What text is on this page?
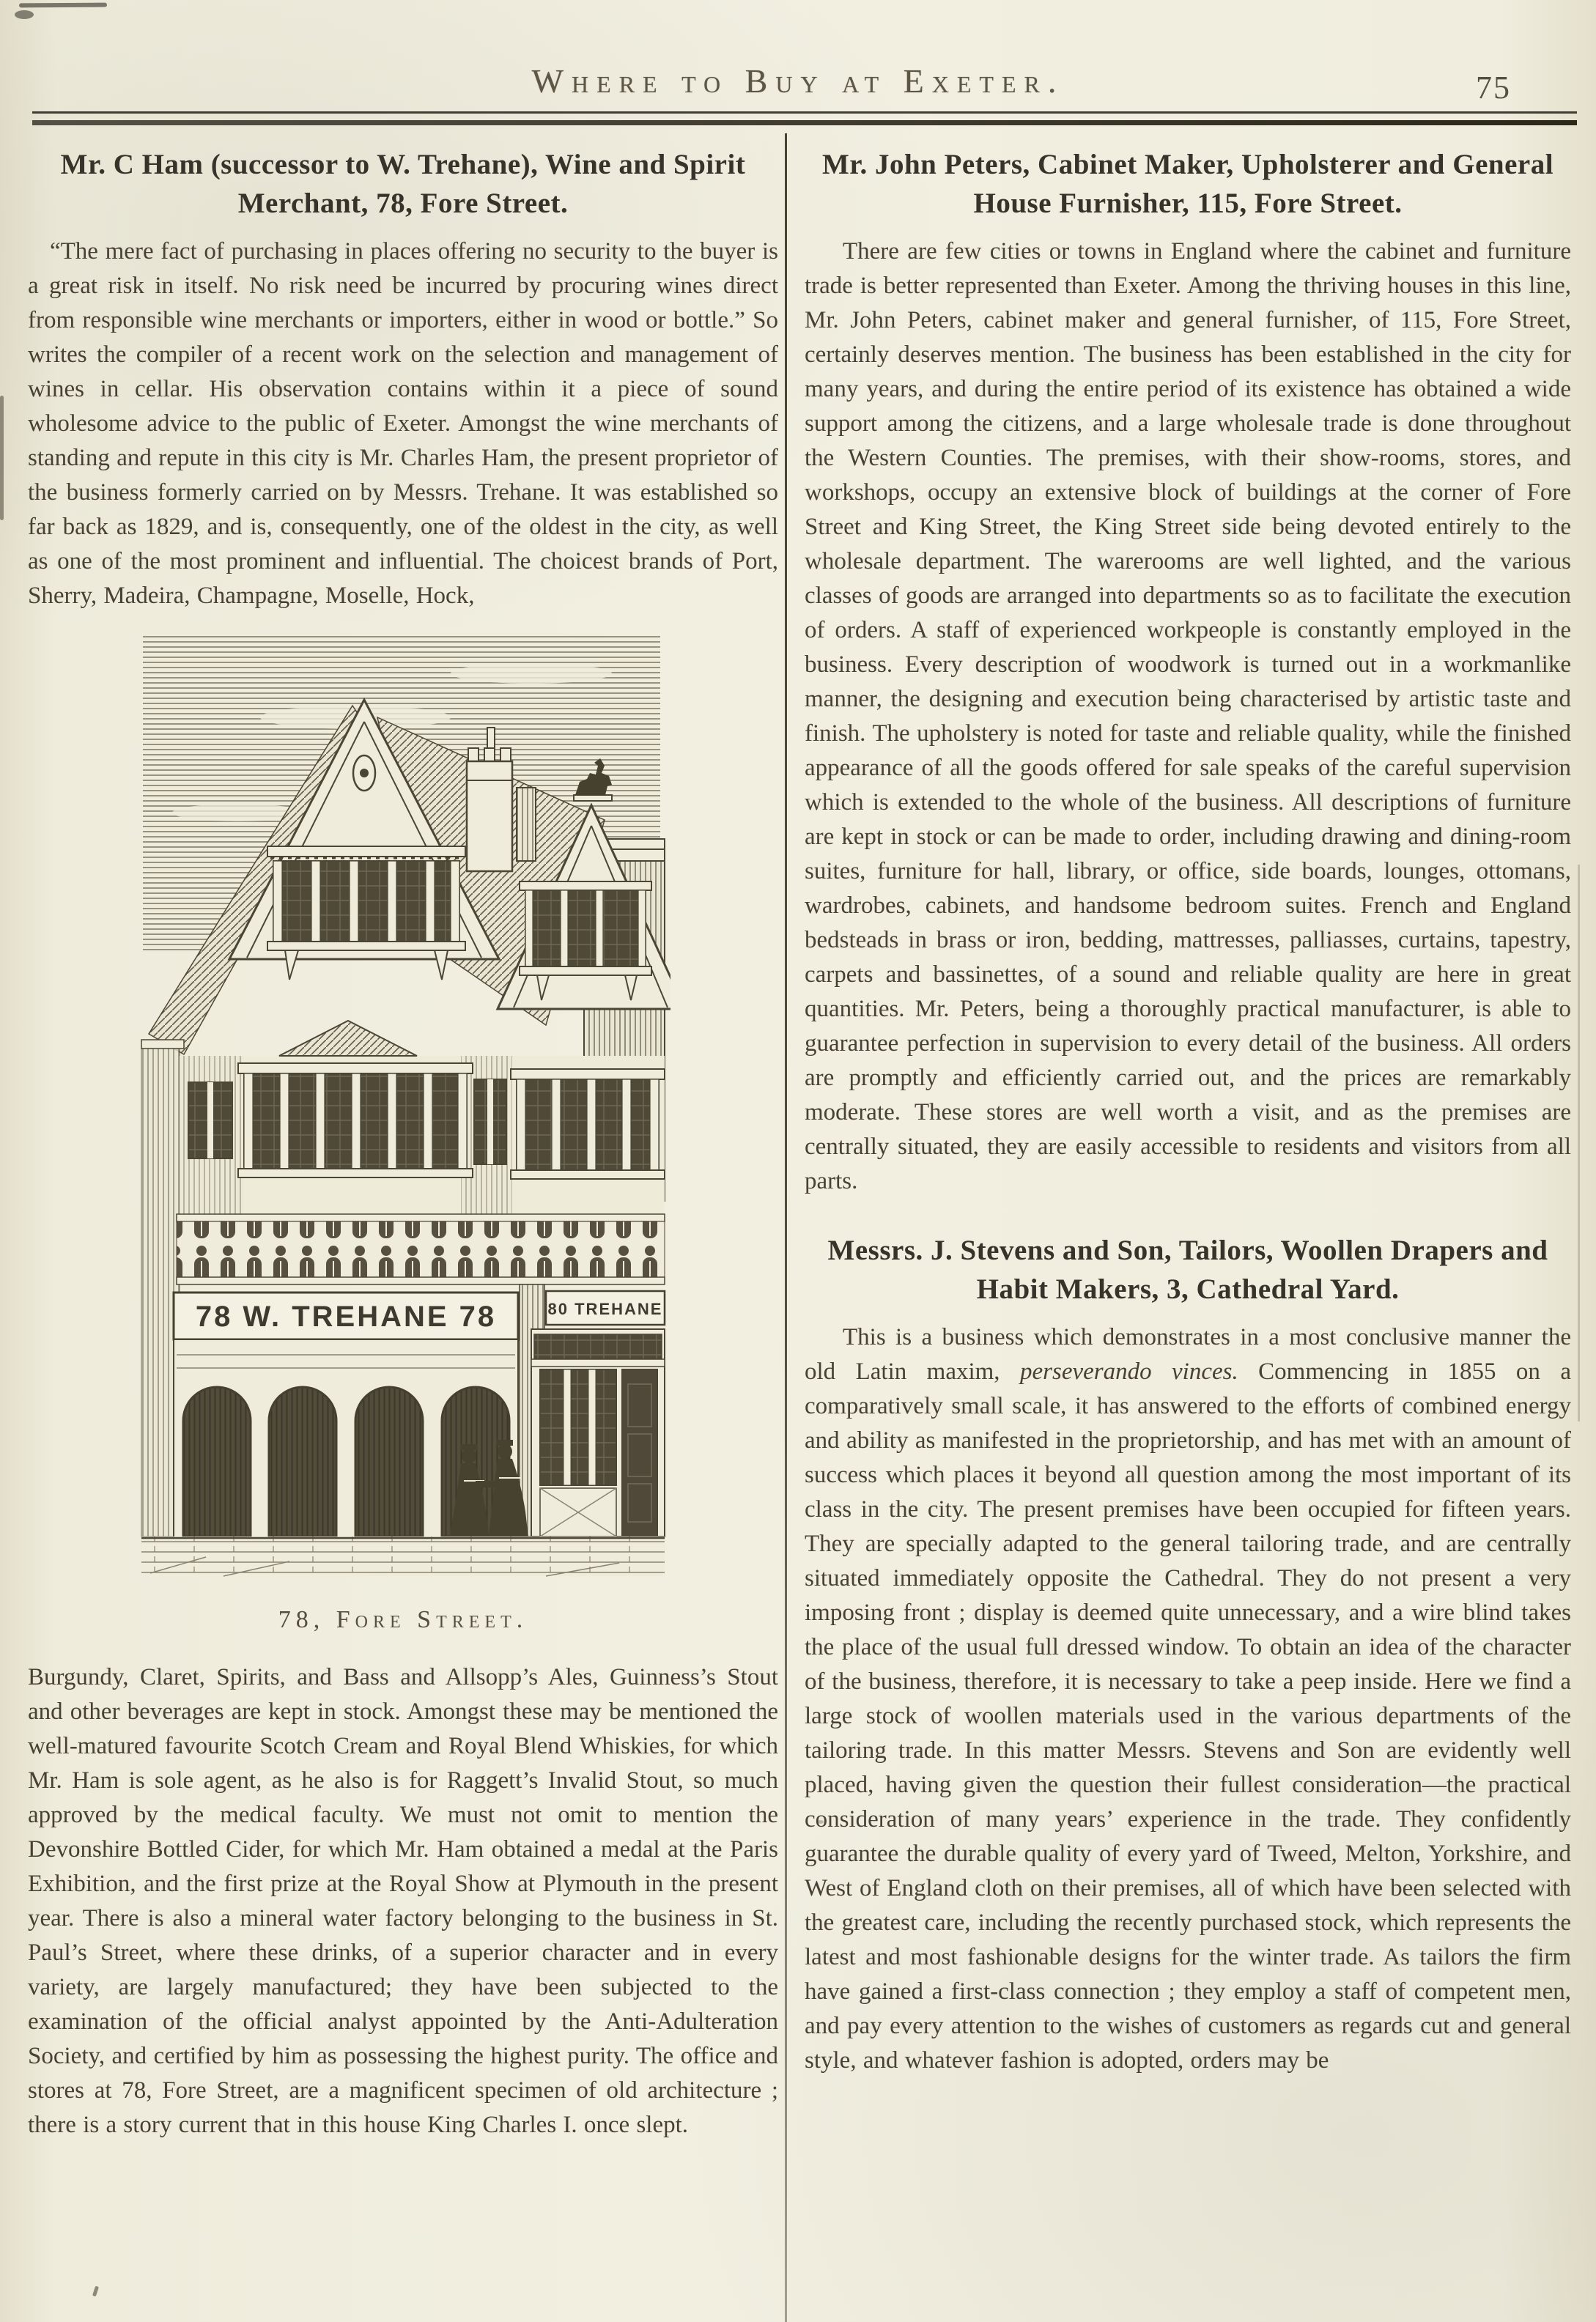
Where to Buy at Exeter.	75
Mr. C Ham (successor to W. Trehane), Wine and Spirit Merchant, 78, Fore Street.

“The mere fact of purchasing in places offering no security to the buyer is a great risk in itself. No risk need be incurred by procuring wines direct from responsible wine merchants or importers, either in wood or bottle.” So writes the compiler of a recent work on the selection and management of wines in cellar. His observation contains within it a piece of sound wholesome advice to the public of Exeter. Amongst the wine merchants of standing and repute in this city is Mr. Charles Ham, the present proprietor of the business formerly carried on by Messrs. Trehane. It was established so far back as 1829, and is, consequently, one of the oldest in the city, as well as one of the most prominent and influential. The choicest brands of Port, Sherry, Madeira, Champagne, Moselle, Hock,

78 W. TREHANE 78	80 TREHANE
78, Fore Street.

Burgundy, Claret, Spirits, and Bass and Allsopp’s Ales, Guinness’s Stout and other beverages are kept in stock. Amongst these may be mentioned the well-matured favourite Scotch Cream and Royal Blend Whiskies, for which Mr. Ham is sole agent, as he also is for Raggett’s Invalid Stout, so much approved by the medical faculty. We must not omit to mention the Devonshire Bottled Cider, for which Mr. Ham obtained a medal at the Paris Exhibition, and the first prize at the Royal Show at Plymouth in the present year. There is also a mineral water factory belonging to the business in St. Paul’s Street, where these drinks, of a superior character and in every variety, are largely manufactured; they have been subjected to the examination of the official analyst appointed by the Anti-Adulteration Society, and certified by him as possessing the highest purity. The office and stores at 78, Fore Street, are a magnificent specimen of old architecture ; there is a story current that in this house King Charles I. once slept.

Mr. John Peters, Cabinet Maker, Upholsterer and General House Furnisher, 115, Fore Street.

There are few cities or towns in England where the cabinet and furniture trade is better represented than Exeter. Among the thriving houses in this line, Mr. John Peters, cabinet maker and general furnisher, of 115, Fore Street, certainly deserves mention. The business has been established in the city for many years, and during the entire period of its existence has obtained a wide support among the citizens, and a large wholesale trade is done throughout the Western Counties. The premises, with their show-rooms, stores, and workshops, occupy an extensive block of buildings at the corner of Fore Street and King Street, the King Street side being devoted entirely to the wholesale department. The warerooms are well lighted, and the various classes of goods are arranged into departments so as to facilitate the execution of orders. A staff of experienced workpeople is constantly employed in the business. Every description of woodwork is turned out in a workmanlike manner, the designing and execution being characterised by artistic taste and finish. The upholstery is noted for taste and reliable quality, while the finished appearance of all the goods offered for sale speaks of the careful supervision which is extended to the whole of the business. All descriptions of furniture are kept in stock or can be made to order, including drawing and dining-room suites, furniture for hall, library, or office, side boards, lounges, ottomans, wardrobes, cabinets, and handsome bedroom suites. French and England bedsteads in brass or iron, bedding, mattresses, palliasses, curtains, tapestry, carpets and bassinettes, of a sound and reliable quality are here in great quantities. Mr. Peters, being a thoroughly practical manufacturer, is able to guarantee perfection in supervision to every detail of the business. All orders are promptly and efficiently carried out, and the prices are remarkably moderate. These stores are well worth a visit, and as the premises are centrally situated, they are easily accessible to residents and visitors from all parts.

Messrs. J. Stevens and Son, Tailors, Woollen Drapers and Habit Makers, 3, Cathedral Yard.

This is a business which demonstrates in a most conclusive manner the old Latin maxim, perseverando vinces. Commencing in 1855 on a comparatively small scale, it has answered to the efforts of combined energy and ability as manifested in the proprietorship, and has met with an amount of success which places it beyond all question among the most important of its class in the city. The present premises have been occupied for fifteen years. They are specially adapted to the general tailoring trade, and are centrally situated immediately opposite the Cathedral. They do not present a very imposing front ; display is deemed quite unnecessary, and a wire blind takes the place of the usual full dressed window. To obtain an idea of the character of the business, therefore, it is necessary to take a peep inside. Here we find a large stock of woollen materials used in the various departments of the tailoring trade. In this matter Messrs. Stevens and Son are evidently well placed, having given the question their fullest consideration—the practical consideration of many years’ experience in the trade. They confidently guarantee the durable quality of every yard of Tweed, Melton, Yorkshire, and West of England cloth on their premises, all of which have been selected with the greatest care, including the recently purchased stock, which represents the latest and most fashionable designs for the winter trade. As tailors the firm have gained a first-class connection ; they employ a staff of competent men, and pay every attention to the wishes of customers as regards cut and general style, and whatever fashion is adopted, orders may be
